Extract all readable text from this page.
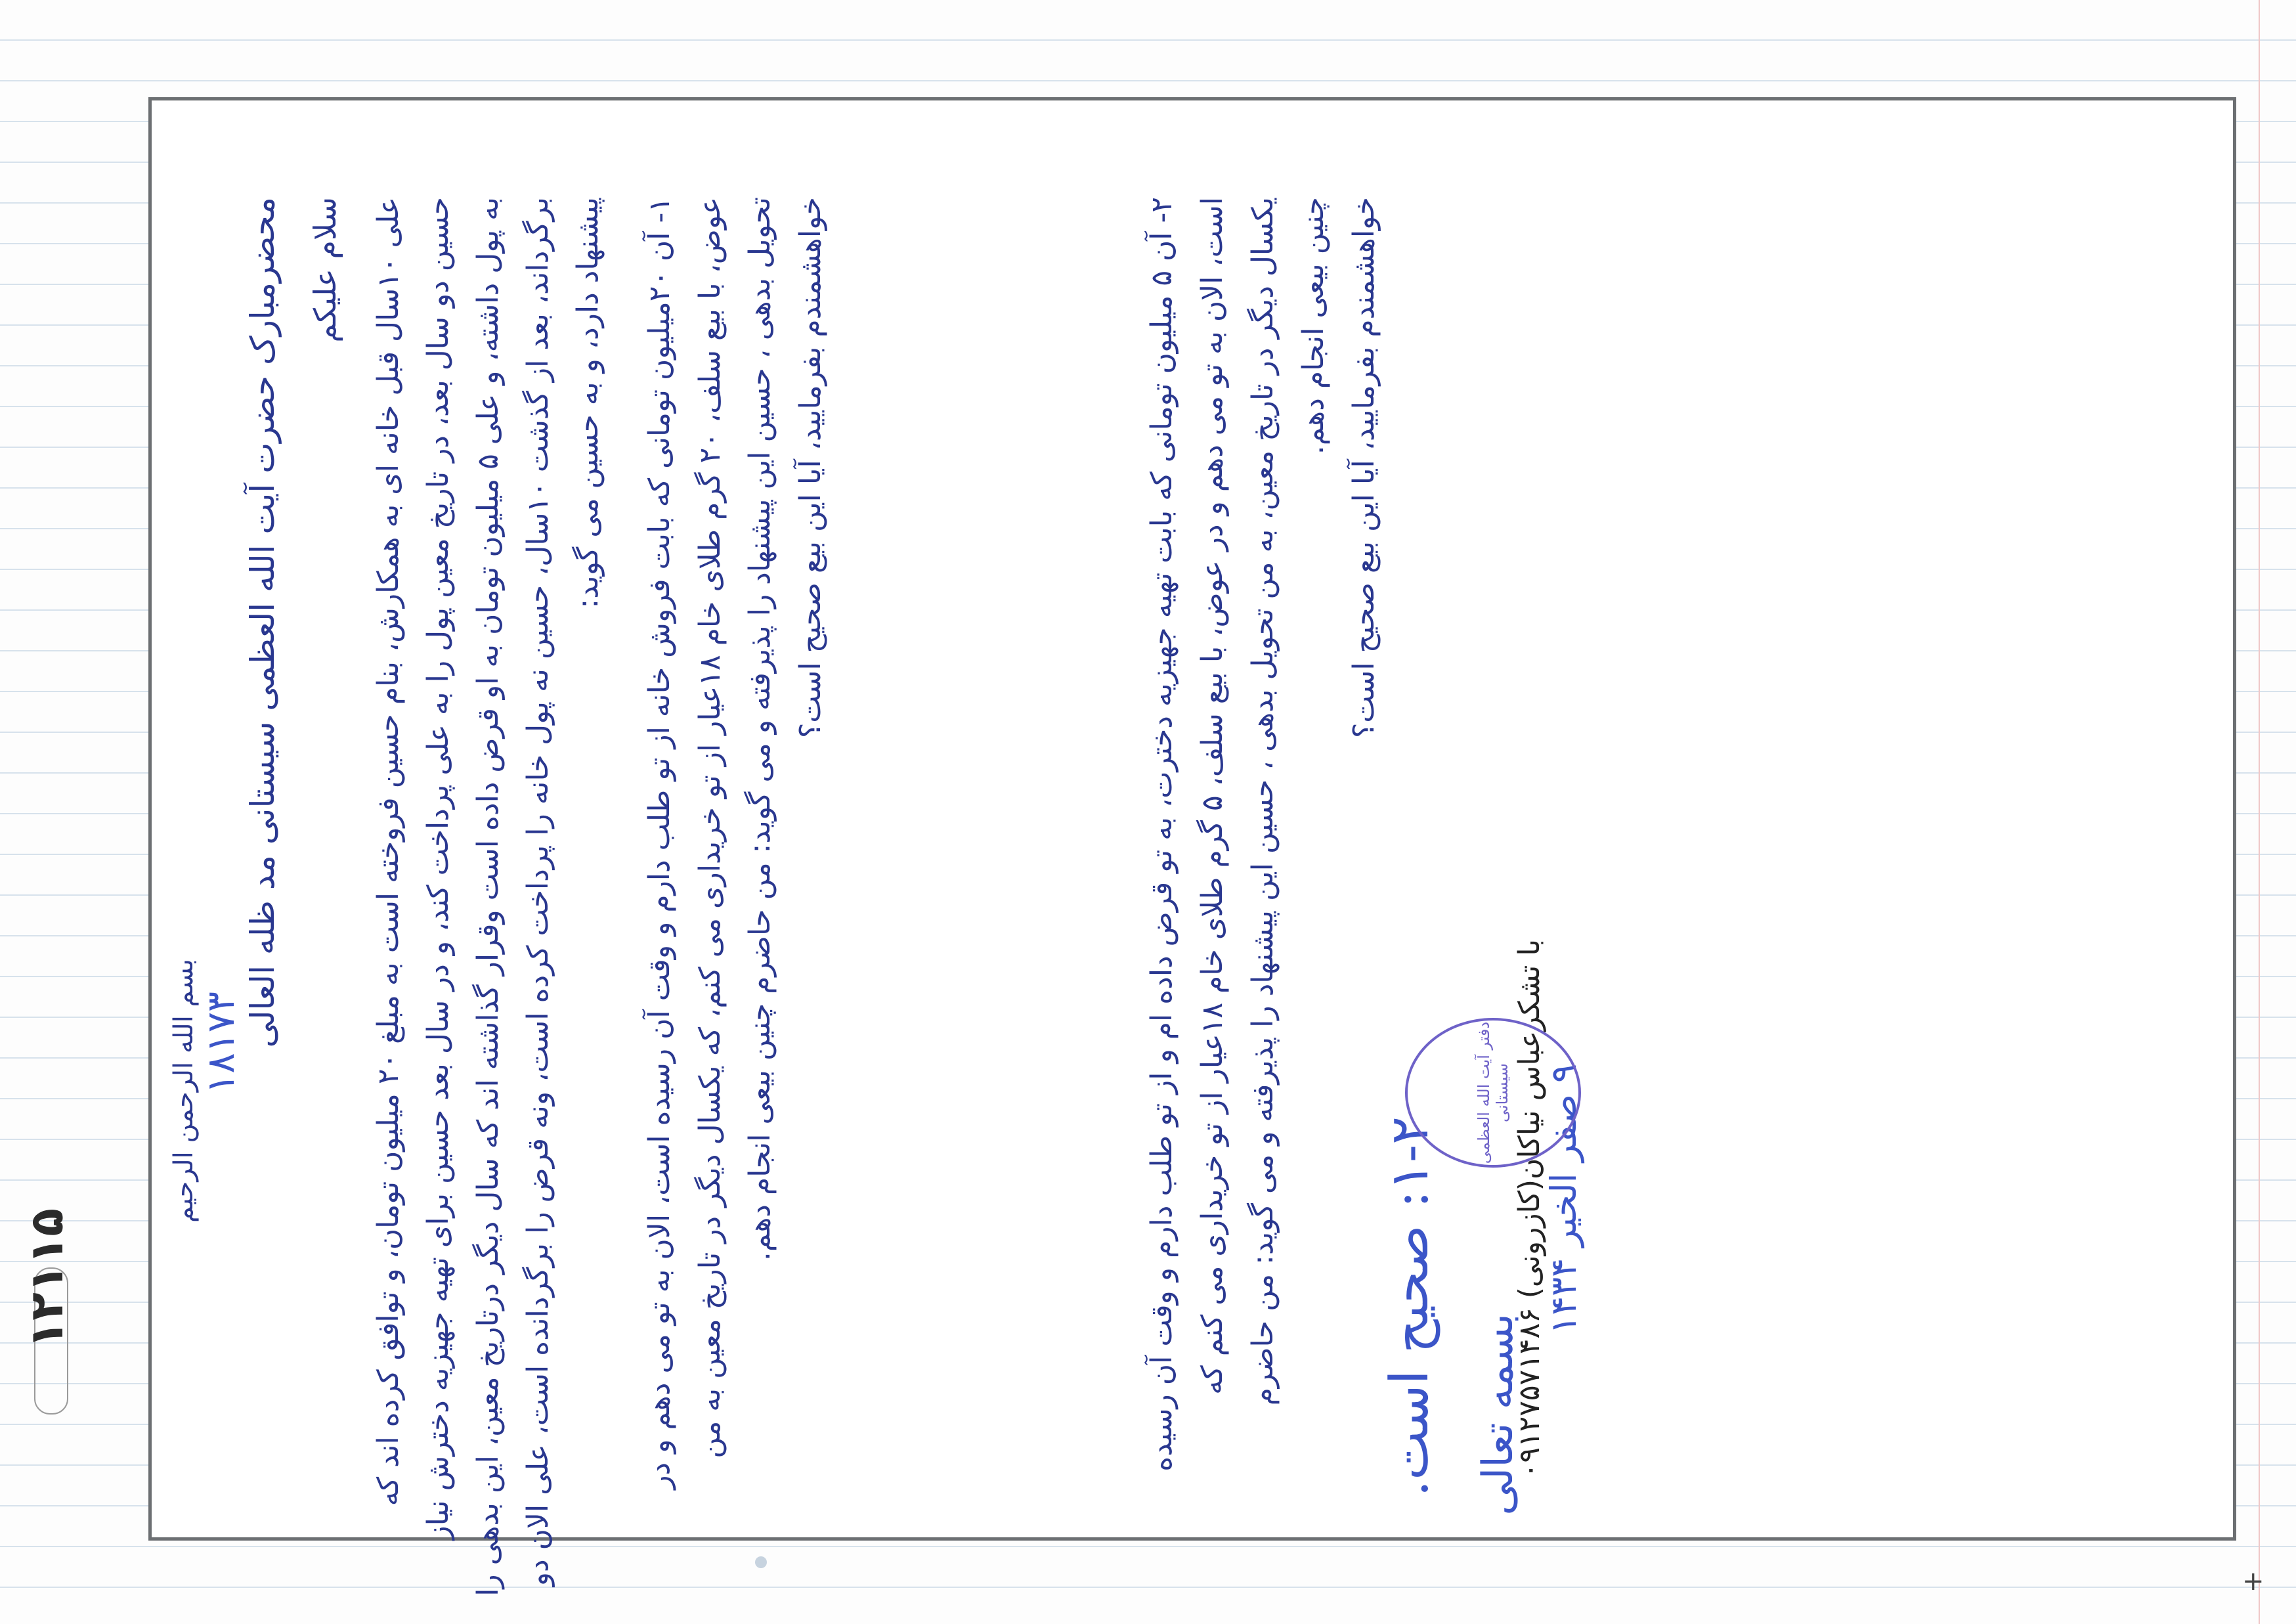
بسم الله الرحمن الرحیم ۱۸۱۷۳ محضرمبارک حضرت آیت الله العظمی سیستانی مد ظله العالی سلام علیکم
علی ۱۰سال قبل خانه ای به همکارش، بنام حسین فروخته است به مبلغ ۲۰ میلیون تومان، و توافق کرده اند که حسین دو سال بعد، در تاریخ معین پول را به علی پرداخت کند، و در سال بعد حسین برای تهیه جهیزیه دخترش نیاز به پول داشته، و علی ۵ میلیون تومان به او قرض داده است وقرار گذاشته اند که سال دیگر درتاریخ معین، این بدهی را
برگرداند، بعد از گذشت ۱۰سال، حسین نه پول خانه را پرداخت کرده است، ونه قرض را برگردانده است، علی الان دو پیشنهاد دارد، و به حسین می گوید: ۱- آن ۲۰میلیون تومانی که بابت فروش خانه از تو طلب دارم و وقت آن رسیده است، الان به تو می دهم و در
عوض، با بیع سلف، ۲۰ گرم طلای خام ۱۸عیار از تو خریداری می کنم، که یکسال دیگر در تاریخ معین به من تحویل بدهی ، حسین این پیشنهاد را پذیرفته و می گوید: من حاضرم چنین بیعی انجام دهم. خواهشمندم بفرمایید، آیا این بیع صحیح است؟	۲- آن ۵ میلیون تومانی که بابت تهیه جهیزیه دخترت، به تو قرض داده ام و از تو طلب دارم و وقت آن رسیده
است، الان به تو می دهم و در عوض، با بیع سلف، ۵ گرم طلای خام ۱۸عیار از تو خریداری می کنم که یکسال دیگر در تاریخ معین، به من تحویل بدهی ، حسین این پیشنهاد را پذیرفته و می گوید: من حاضرم چنین بیعی انجام دهم. خواهشمندم بفرمایید، آیا این بیع صحیح است؟
بسمه تعالی
۱-۲: صحیح است.
۹ صفر الخیر ۱۴۳۴
دفتر آیت الله العظمی سیستانی
با تشکرعباس نیاکان(کازرونی) ۰۹۱۲۷۵۷۱۴۸۶
۱۲۱۱۵
+
